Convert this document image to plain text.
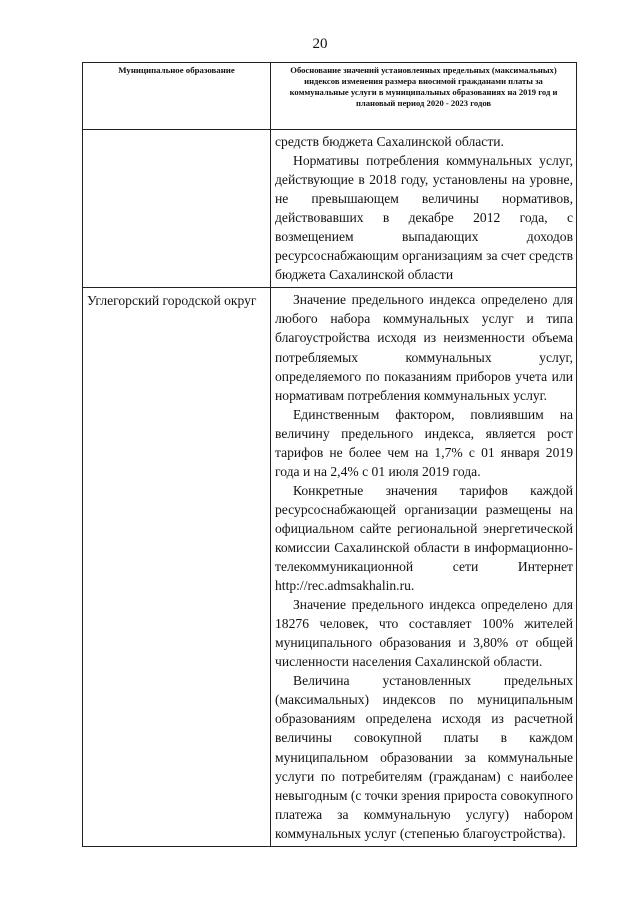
20
Муниципальное образование	Обоснование значений установленных предельных (максимальных) индексов изменения размера вносимой гражданами платы за коммунальные услуги в муниципальных образованиях на 2019 год и плановый период 2020 - 2023 годов

	средств бюджета Сахалинской области.

Нормативы потребления коммунальных услуг, действующие в 2018 году, установлены на уровне, не превышающем величины нормативов, действовавших в декабре 2012 года, с возмещением выпадающих доходов ресурсоснабжающим организациям за счет средств бюджета Сахалинской области

Углегорский городской округ	Значение предельного индекса определено для любого набора коммунальных услуг и типа благоустройства исходя из неизменности объема потребляемых коммунальных услуг, определяемого по показаниям приборов учета или нормативам потребления коммунальных услуг.

Единственным фактором, повлиявшим на величину предельного индекса, является рост тарифов не более чем на 1,7% с 01 января 2019 года и на 2,4% с 01 июля 2019 года.

Конкретные значения тарифов каждой ресурсоснабжающей организации размещены на официальном сайте региональной энергетической комиссии Сахалинской области в информационно-телекоммуникационной сети Интернет http://rec.admsakhalin.ru.

Значение предельного индекса определено для 18276 человек, что составляет 100% жителей муниципального образования и 3,80% от общей численности населения Сахалинской области.

Величина установленных предельных (максимальных) индексов по муниципальным образованиям определена исходя из расчетной величины совокупной платы в каждом муниципальном образовании за коммунальные услуги по потребителям (гражданам) с наиболее невыгодным (с точки зрения прироста совокупного платежа за коммунальную услугу) набором коммунальных услуг (степенью благоустройства).
